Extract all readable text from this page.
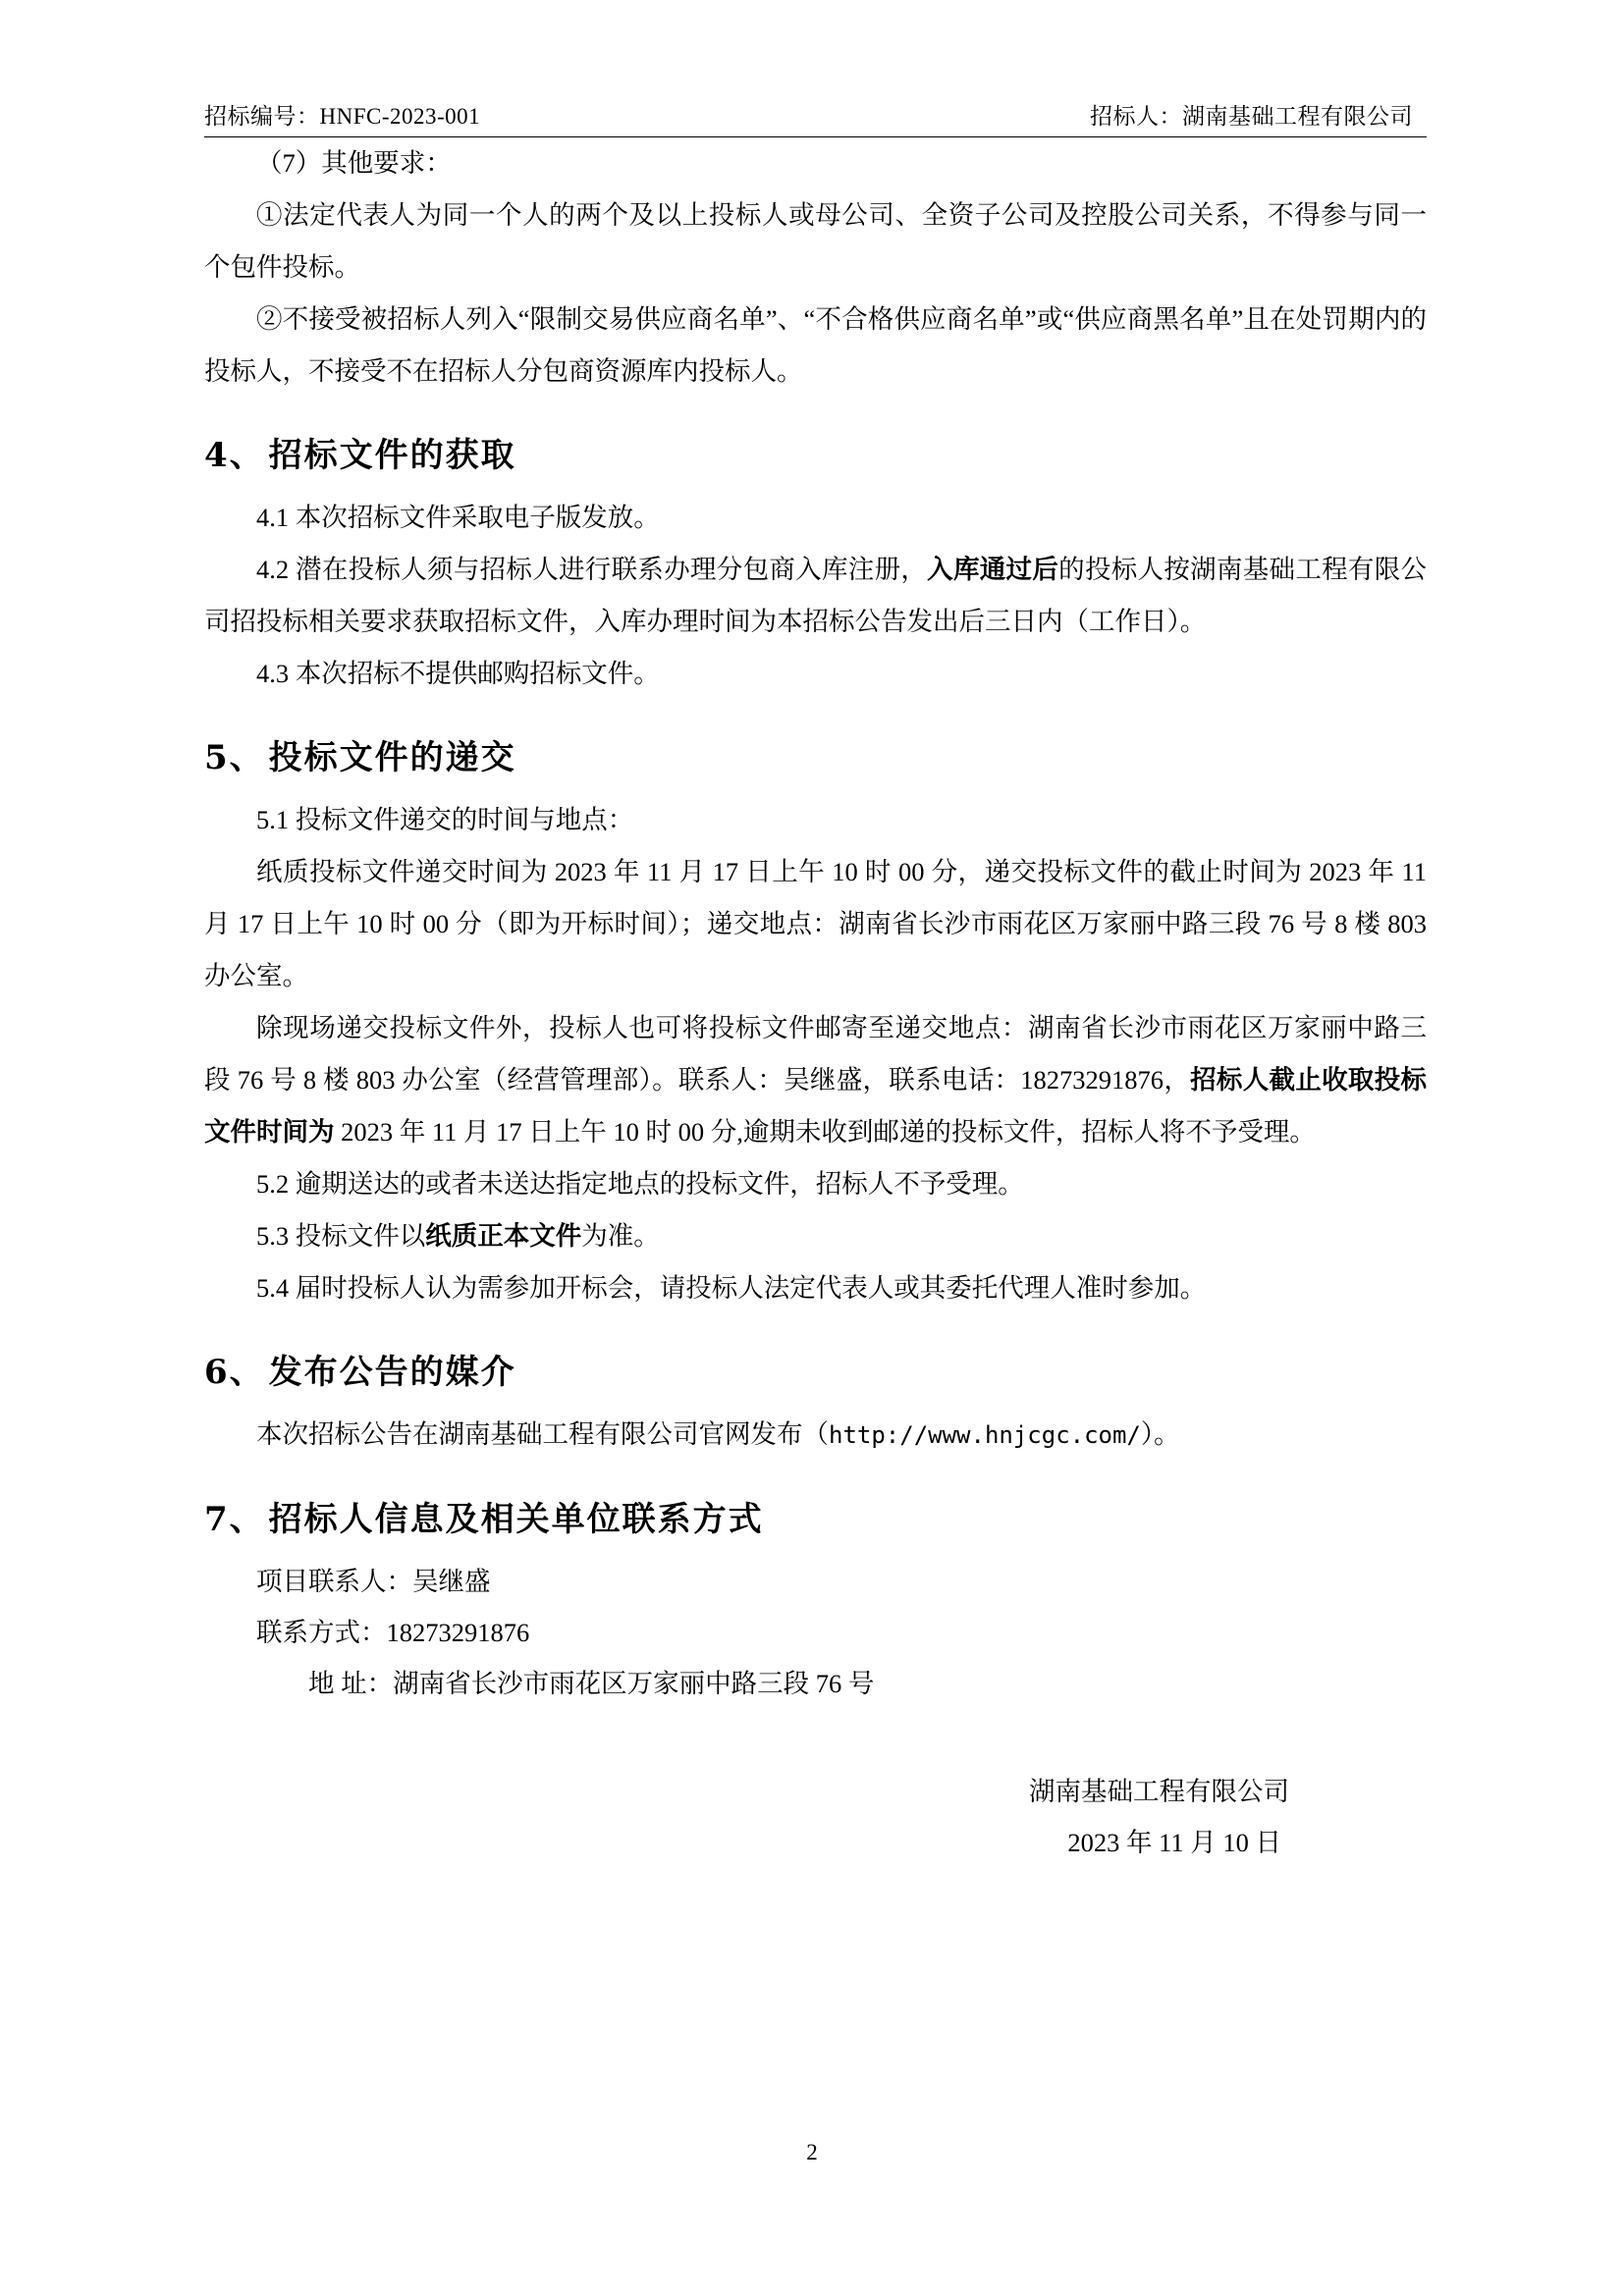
招标编号：HNFC-2023-001	招标人：湖南基础工程有限公司

（7）其他要求：

①法定代表人为同一个人的两个及以上投标人或母公司、全资子公司及控股公司关系，不得参与同一个包件投标。

②不接受被招标人列入“限制交易供应商名单”、“不合格供应商名单”或“供应商黑名单”且在处罚期内的投标人，不接受不在招标人分包商资源库内投标人。

4、 招标文件的获取

4.1 本次招标文件采取电子版发放。

4.2 潜在投标人须与招标人进行联系办理分包商入库注册，入库通过后的投标人按湖南基础工程有限公司招投标相关要求获取招标文件，入库办理时间为本招标公告发出后三日内（工作日）。

4.3 本次招标不提供邮购招标文件。

5、 投标文件的递交

5.1 投标文件递交的时间与地点：

纸质投标文件递交时间为 2023 年 11 月 17 日上午 10 时 00 分，递交投标文件的截止时间为 2023 年 11 月 17 日上午 10 时 00 分（即为开标时间）；递交地点：湖南省长沙市雨花区万家丽中路三段 76 号 8 楼 803 办公室。

除现场递交投标文件外，投标人也可将投标文件邮寄至递交地点：湖南省长沙市雨花区万家丽中路三段 76 号 8 楼 803 办公室（经营管理部）。联系人：吴继盛，联系电话：18273291876，招标人截止收取投标文件时间为 2023 年 11 月 17 日上午 10 时 00 分,逾期未收到邮递的投标文件，招标人将不予受理。

5.2 逾期送达的或者未送达指定地点的投标文件，招标人不予受理。

5.3 投标文件以纸质正本文件为准。

5.4 届时投标人认为需参加开标会，请投标人法定代表人或其委托代理人准时参加。

6、 发布公告的媒介

本次招标公告在湖南基础工程有限公司官网发布（http://www.hnjcgc.com/）。

7、 招标人信息及相关单位联系方式
项目联系人：吴继盛
联系方式：18273291876
地 址：湖南省长沙市雨花区万家丽中路三段 76 号
湖南基础工程有限公司
2023 年 11 月 10 日
2
